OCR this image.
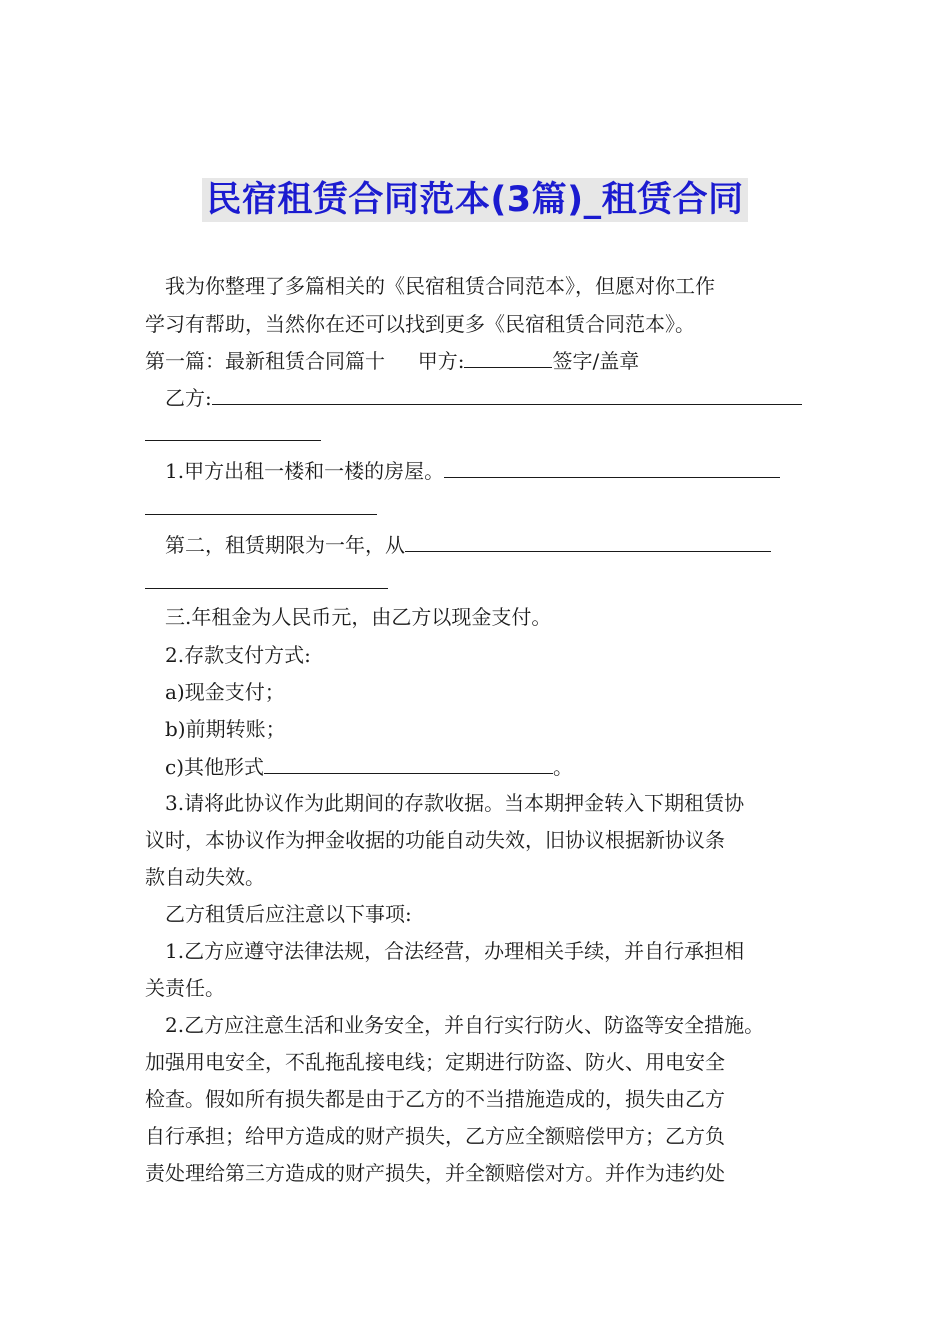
民宿租赁合同范本(3篇)_租赁合同
我为你整理了多篇相关的《民宿租赁合同范本》，但愿对你工作
学习有帮助，当然你在还可以找到更多《民宿租赁合同范本》。
第一篇：最新租赁合同篇十 甲方:	签字/盖章
乙方:
1.甲方出租一楼和一楼的房屋。
第二，租赁期限为一年，从
三.年租金为人民币元，由乙方以现金支付。
2.存款支付方式:
a)现金支付；
b)前期转账；
c)其他形式	。
3.请将此协议作为此期间的存款收据。当本期押金转入下期租赁协
议时，本协议作为押金收据的功能自动失效，旧协议根据新协议条
款自动失效。
乙方租赁后应注意以下事项:
1.乙方应遵守法律法规，合法经营，办理相关手续，并自行承担相
关责任。
2.乙方应注意生活和业务安全，并自行实行防火、防盗等安全措施。
加强用电安全，不乱拖乱接电线；定期进行防盗、防火、用电安全
检查。假如所有损失都是由于乙方的不当措施造成的，损失由乙方
自行承担；给甲方造成的财产损失，乙方应全额赔偿甲方；乙方负
责处理给第三方造成的财产损失，并全额赔偿对方。并作为违约处
